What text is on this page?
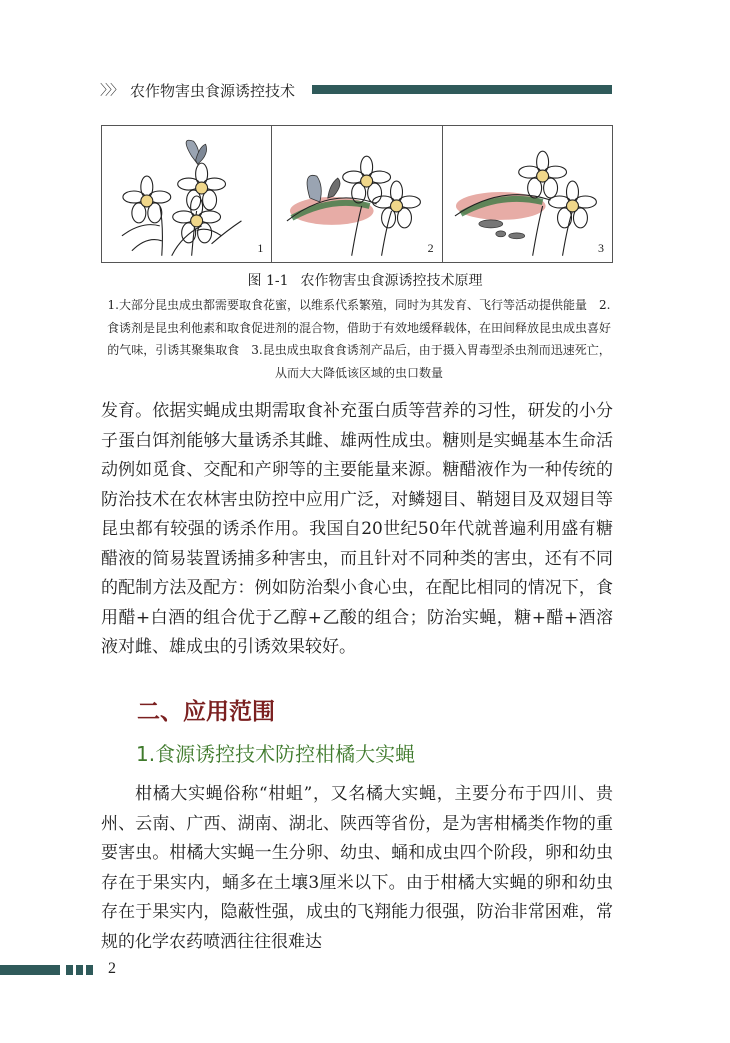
〉〉〉 农作物害虫食源诱控技术
1	2	3
图 1-1 农作物害虫食源诱控技术原理
1.大部分昆虫成虫都需要取食花蜜，以维系代系繁殖，同时为其发育、飞行等活动提供能量　2.食诱剂是昆虫利他素和取食促进剂的混合物，借助于有效地缓释载体，在田间释放昆虫成虫喜好的气味，引诱其聚集取食　3.昆虫成虫取食食诱剂产品后，由于摄入胃毒型杀虫剂而迅速死亡，从而大大降低该区域的虫口数量
发育。依据实蝇成虫期需取食补充蛋白质等营养的习性，研发的小分子蛋白饵剂能够大量诱杀其雌、雄两性成虫。糖则是实蝇基本生命活动例如觅食、交配和产卵等的主要能量来源。糖醋液作为一种传统的防治技术在农林害虫防控中应用广泛，对鳞翅目、鞘翅目及双翅目等昆虫都有较强的诱杀作用。我国自20世纪50年代就普遍利用盛有糖醋液的简易装置诱捕多种害虫，而且针对不同种类的害虫，还有不同的配制方法及配方：例如防治梨小食心虫，在配比相同的情况下，食用醋+白酒的组合优于乙醇+乙酸的组合；防治实蝇，糖+醋+酒溶液对雌、雄成虫的引诱效果较好。
二、应用范围
1.食源诱控技术防控柑橘大实蝇
柑橘大实蝇俗称“柑蛆”，又名橘大实蝇，主要分布于四川、贵州、云南、广西、湖南、湖北、陕西等省份，是为害柑橘类作物的重要害虫。柑橘大实蝇一生分卵、幼虫、蛹和成虫四个阶段，卵和幼虫存在于果实内，蛹多在土壤3厘米以下。由于柑橘大实蝇的卵和幼虫存在于果实内，隐蔽性强，成虫的飞翔能力很强，防治非常困难，常规的化学农药喷洒往往很难达
2
